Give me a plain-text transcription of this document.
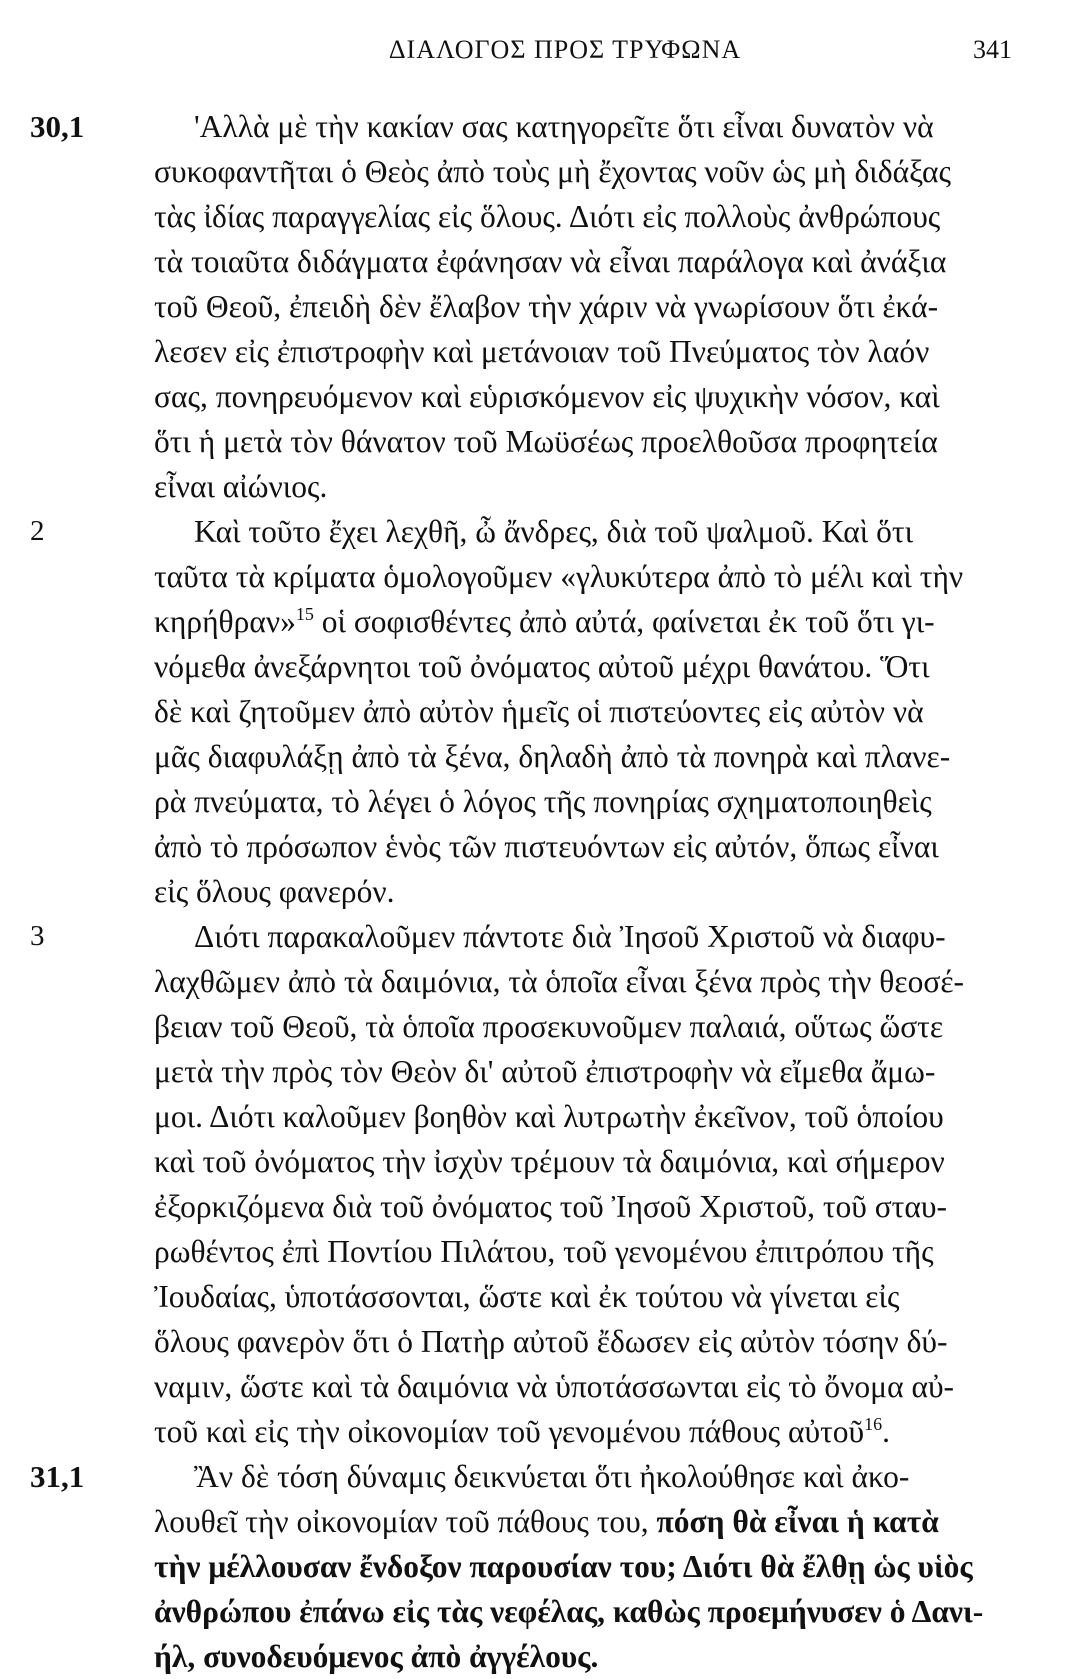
ΔΙΑΛΟΓΟΣ ΠΡΟΣ ΤΡΥΦΩΝΑ	341
30,1	'Αλλὰ μὲ τὴν κακίαν σας κατηγορεῖτε ὅτι εἶναι δυνατὸν νὰ
συκοφαντῆται ὁ Θεὸς ἀπὸ τοὺς μὴ ἔχοντας νοῦν ὡς μὴ διδάξας
τὰς ἰδίας παραγγελίας εἰς ὅλους. Διότι εἰς πολλοὺς ἀνθρώπους
τὰ τοιαῦτα διδάγματα ἐφάνησαν νὰ εἶναι παράλογα καὶ ἀνάξια
τοῦ Θεοῦ, ἐπειδὴ δὲν ἔλαβον τὴν χάριν νὰ γνωρίσουν ὅτι ἐκά-
λεσεν εἰς ἐπιστροφὴν καὶ μετάνοιαν τοῦ Πνεύματος τὸν λαόν
σας, πονηρευόμενον καὶ εὑρισκόμενον εἰς ψυχικὴν νόσον, καὶ
ὅτι ἡ μετὰ τὸν θάνατον τοῦ Μωϋσέως προελθοῦσα προφητεία
εἶναι αἰώνιος.
2	Καὶ τοῦτο ἔχει λεχθῆ, ὦ ἄνδρες, διὰ τοῦ ψαλμοῦ. Καὶ ὅτι
ταῦτα τὰ κρίματα ὁμολογοῦμεν «γλυκύτερα ἀπὸ τὸ μέλι καὶ τὴν
κηρήθραν»$^{15}$ οἱ σοφισθέντες ἀπὸ αὐτά, φαίνεται ἐκ τοῦ ὅτι γι-
νόμεθα ἀνεξάρνητοι τοῦ ὀνόματος αὐτοῦ μέχρι θανάτου. Ὅτι
δὲ καὶ ζητοῦμεν ἀπὸ αὐτὸν ἡμεῖς οἱ πιστεύοντες εἰς αὐτὸν νὰ
μᾶς διαφυλάξῃ ἀπὸ τὰ ξένα, δηλαδὴ ἀπὸ τὰ πονηρὰ καὶ πλανε-
ρὰ πνεύματα, τὸ λέγει ὁ λόγος τῆς πονηρίας σχηματοποιηθεὶς
ἀπὸ τὸ πρόσωπον ἑνὸς τῶν πιστευόντων εἰς αὐτόν, ὅπως εἶναι
εἰς ὅλους φανερόν.
3	Διότι παρακαλοῦμεν πάντοτε διὰ Ἰησοῦ Χριστοῦ νὰ διαφυ-
λαχθῶμεν ἀπὸ τὰ δαιμόνια, τὰ ὁποῖα εἶναι ξένα πρὸς τὴν θεοσέ-
βειαν τοῦ Θεοῦ, τὰ ὁποῖα προσεκυνοῦμεν παλαιά, οὕτως ὥστε
μετὰ τὴν πρὸς τὸν Θεὸν δι' αὐτοῦ ἐπιστροφὴν νὰ εἴμεθα ἄμω-
μοι. Διότι καλοῦμεν βοηθὸν καὶ λυτρωτὴν ἐκεῖνον, τοῦ ὁποίου
καὶ τοῦ ὀνόματος τὴν ἰσχὺν τρέμουν τὰ δαιμόνια, καὶ σήμερον
ἐξορκιζόμενα διὰ τοῦ ὀνόματος τοῦ Ἰησοῦ Χριστοῦ, τοῦ σταυ-
ρωθέντος ἐπὶ Ποντίου Πιλάτου, τοῦ γενομένου ἐπιτρόπου τῆς
Ἰουδαίας, ὑποτάσσονται, ὥστε καὶ ἐκ τούτου νὰ γίνεται εἰς
ὅλους φανερὸν ὅτι ὁ Πατὴρ αὐτοῦ ἔδωσεν εἰς αὐτὸν τόσην δύ-
ναμιν, ὥστε καὶ τὰ δαιμόνια νὰ ὑποτάσσωνται εἰς τὸ ὄνομα αὐ-
τοῦ καὶ εἰς τὴν οἰκονομίαν τοῦ γενομένου πάθους αὐτοῦ$^{16}$.
31,1	Ἂν δὲ τόση δύναμις δεικνύεται ὅτι ἠκολούθησε καὶ ἀκο-
λουθεῖ τὴν οἰκονομίαν τοῦ πάθους του, πόση θὰ εἶναι ἡ κατὰ
τὴν μέλλουσαν ἔνδοξον παρουσίαν του; Διότι θὰ ἔλθῃ ὡς υἱὸς
ἀνθρώπου ἐπάνω εἰς τὰς νεφέλας, καθὼς προεμήνυσεν ὁ Δανι-
ήλ, συνοδευόμενος ἀπὸ ἀγγέλους.
